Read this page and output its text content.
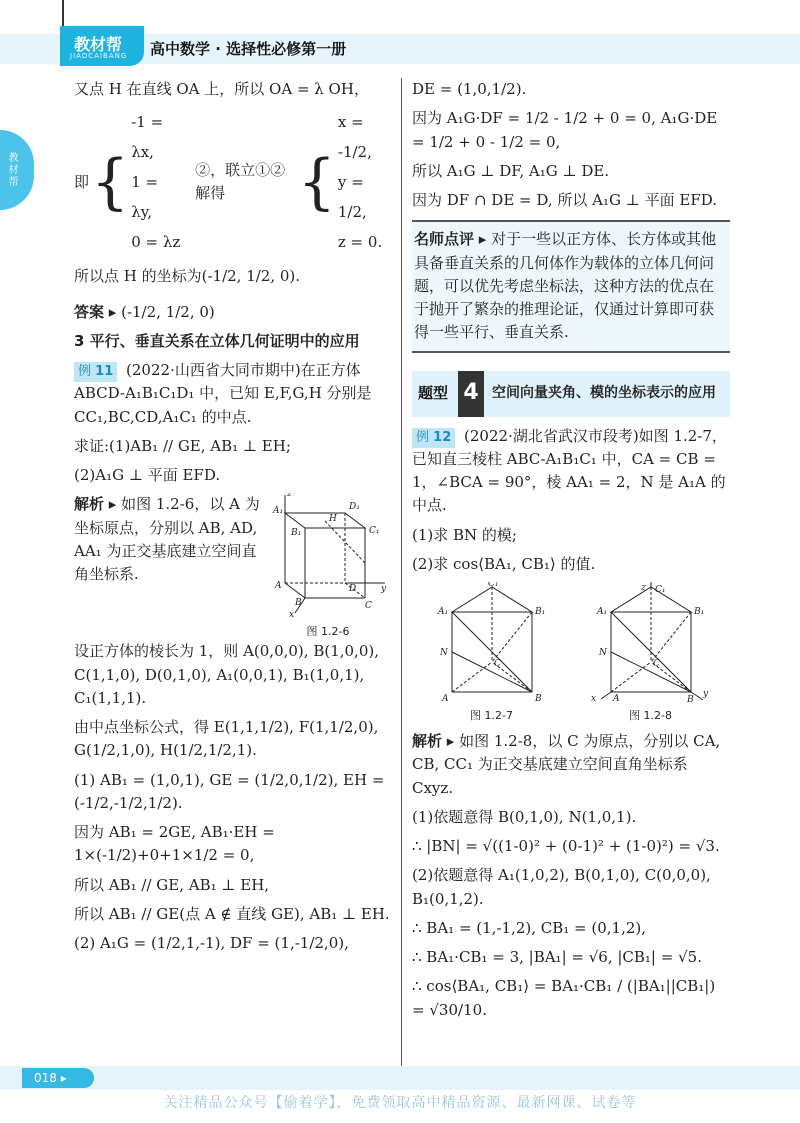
教材帮
JIAOCAIBANG 高中数学 · 选择性必修第一册
教材帮

又点 H 在直线 OA 上，所以 OA = λ OH，

即 {
-1 = λx,
1 = λy,
0 = λz
②，联立①②解得	{
x = -1/2,
y = 1/2,
z = 0.

所以点 H 的坐标为(-1/2, 1/2, 0).

答案 ▸ (-1/2, 1/2, 0)

3 平行、垂直关系在立体几何证明中的应用

例 11 (2022·山西省大同市期中)在正方体 ABCD-A₁B₁C₁D₁ 中，已知 E,F,G,H 分别是 CC₁,BC,CD,A₁C₁ 的中点.

求证:(1)AB₁ // GE, AB₁ ⊥ EH;

(2)A₁G ⊥ 平面 EFD.

解析 ▸ 如图 1.2-6，以 A 为坐标原点，分别以 AB, AD, AA₁ 为正交基底建立空间直角坐标系.

A₁	D₁
B₁	C₁
H
z
A	D	y
B	C
x
图 1.2-6

设正方体的棱长为 1，则 A(0,0,0), B(1,0,0), C(1,1,0), D(0,1,0), A₁(0,0,1), B₁(1,0,1), C₁(1,1,1).

由中点坐标公式，得 E(1,1,1/2), F(1,1/2,0), G(1/2,1,0), H(1/2,1/2,1).

(1) AB₁ = (1,0,1), GE = (1/2,0,1/2), EH = (-1/2,-1/2,1/2).

因为 AB₁ = 2GE, AB₁·EH = 1×(-1/2)+0+1×1/2 = 0,

所以 AB₁ // GE, AB₁ ⊥ EH,

所以 AB₁ // GE(点 A ∉ 直线 GE), AB₁ ⊥ EH.

(2) A₁G = (1/2,1,-1), DF = (1,-1/2,0),

DE = (1,0,1/2).

因为 A₁G·DF = 1/2 - 1/2 + 0 = 0, A₁G·DE = 1/2 + 0 - 1/2 = 0,

所以 A₁G ⊥ DF, A₁G ⊥ DE.

因为 DF ∩ DE = D, 所以 A₁G ⊥ 平面 EFD.

名师点评 ▸ 对于一些以正方体、长方体或其他具备垂直关系的几何体作为载体的立体几何问题，可以优先考虑坐标法，这种方法的优点在于抛开了繁杂的推理论证，仅通过计算即可获得一些平行、垂直关系.
题型 4 空间向量夹角、模的坐标表示的应用

例 12 (2022·湖北省武汉市段考)如图 1.2-7，已知直三棱柱 ABC-A₁B₁C₁ 中，CA = CB = 1，∠BCA = 90°，棱 AA₁ = 2，N 是 A₁A 的中点.

(1)求 BN 的模;

(2)求 cos⟨BA₁, CB₁⟩ 的值.

A₁
C₁
B₁
N
C
A	B
图 1.2-7
A₁
z C₁
B₁
N
C
x A	B
y
图 1.2-8

解析 ▸ 如图 1.2-8，以 C 为原点，分别以 CA, CB, CC₁ 为正交基底建立空间直角坐标系 Cxyz.

(1)依题意得 B(0,1,0), N(1,0,1).

∴ |BN| = √((1-0)² + (0-1)² + (1-0)²) = √3.

(2)依题意得 A₁(1,0,2), B(0,1,0), C(0,0,0), B₁(0,1,2).

∴ BA₁ = (1,-1,2), CB₁ = (0,1,2),

∴ BA₁·CB₁ = 3, |BA₁| = √6, |CB₁| = √5.

∴ cos⟨BA₁, CB₁⟩ = BA₁·CB₁ / (|BA₁||CB₁|) = √30/10.

018 ▸
关注精品公众号【偷着学】，免费领取高中精品资源、最新网课、试卷等
